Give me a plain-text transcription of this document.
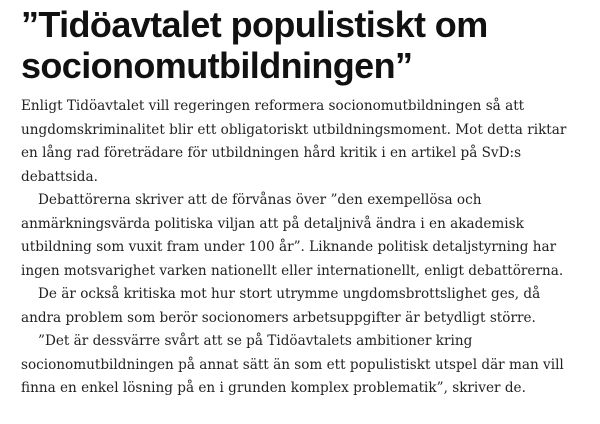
”Tidöavtalet populistiskt om
socionomutbildningen”

Enligt Tidöavtalet vill regeringen reformera socionomutbildningen så att
ungdomskriminalitet blir ett obligatoriskt utbildningsmoment. Mot detta riktar
en lång rad företrädare för utbildningen hård kritik i en artikel på SvD:s
debattsida.

Debattörerna skriver att de förvånas över ”den exempellösa och
anmärkningsvärda politiska viljan att på detaljnivå ändra i en akademisk
utbildning som vuxit fram under 100 år”. Liknande politisk detaljstyrning har
ingen motsvarighet varken nationellt eller internationellt, enligt debattörerna.

De är också kritiska mot hur stort utrymme ungdomsbrottslighet ges, då
andra problem som berör socionomers arbetsuppgifter är betydligt större.

”Det är dessvärre svårt att se på Tidöavtalets ambitioner kring
socionomutbildningen på annat sätt än som ett populistiskt utspel där man vill
finna en enkel lösning på en i grunden komplex problematik”, skriver de.
